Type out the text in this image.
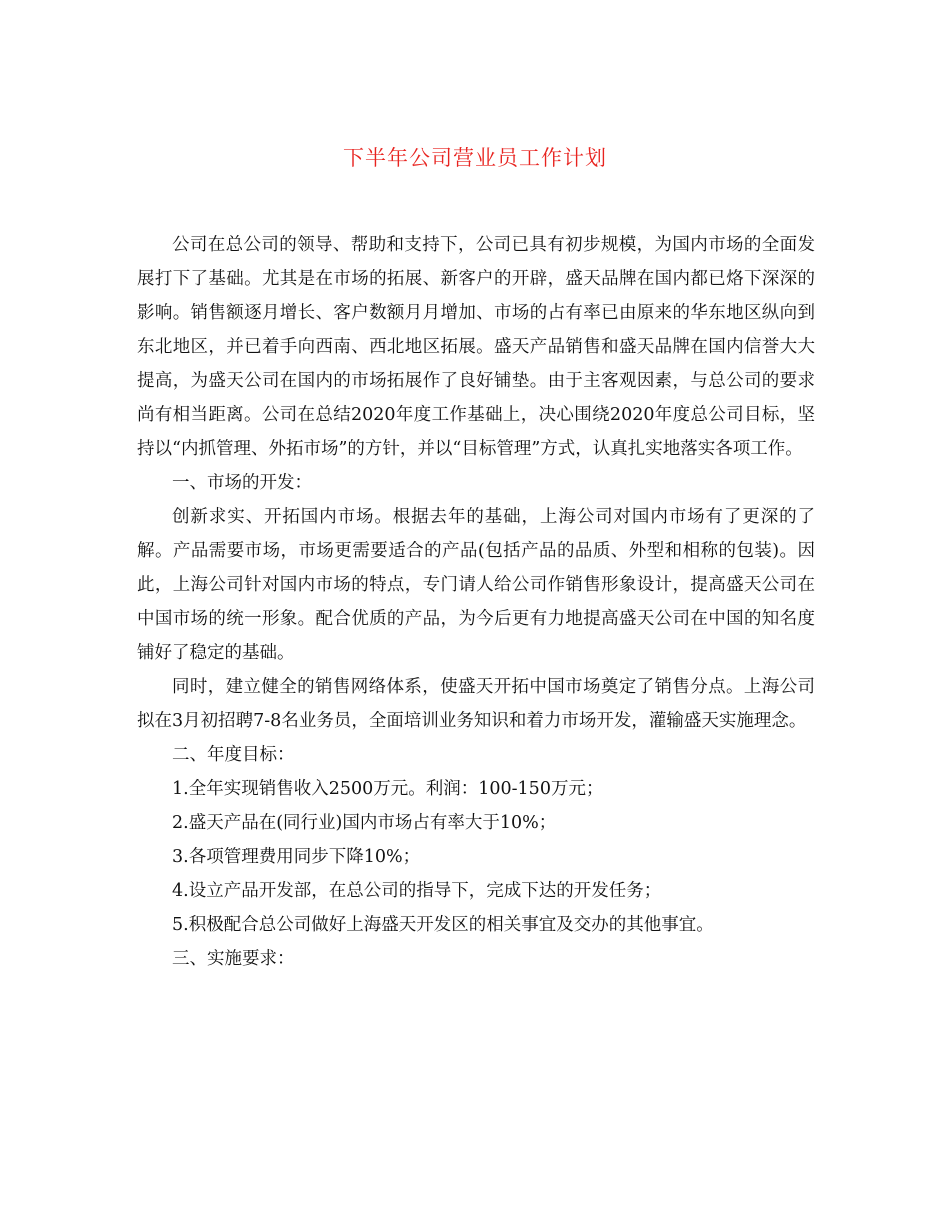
下半年公司营业员工作计划

公司在总公司的领导、帮助和支持下，公司已具有初步规模，为国内市场的全面发展打下了基础。尤其是在市场的拓展、新客户的开辟，盛天品牌在国内都已烙下深深的影响。销售额逐月增长、客户数额月月增加、市场的占有率已由原来的华东地区纵向到东北地区，并已着手向西南、西北地区拓展。盛天产品销售和盛天品牌在国内信誉大大提高，为盛天公司在国内的市场拓展作了良好铺垫。由于主客观因素，与总公司的要求尚有相当距离。公司在总结2020年度工作基础上，决心围绕2020年度总公司目标，坚持以“内抓管理、外拓市场”的方针，并以“目标管理”方式，认真扎实地落实各项工作。

一、市场的开发：

创新求实、开拓国内市场。根据去年的基础，上海公司对国内市场有了更深的了解。产品需要市场，市场更需要适合的产品(包括产品的品质、外型和相称的包装)。因此，上海公司针对国内市场的特点，专门请人给公司作销售形象设计，提高盛天公司在中国市场的统一形象。配合优质的产品，为今后更有力地提高盛天公司在中国的知名度铺好了稳定的基础。

同时，建立健全的销售网络体系，使盛天开拓中国市场奠定了销售分点。上海公司拟在3月初招聘7-8名业务员，全面培训业务知识和着力市场开发，灌输盛天实施理念。

二、年度目标：

1.全年实现销售收入2500万元。利润：100-150万元；

2.盛天产品在(同行业)国内市场占有率大于10%；

3.各项管理费用同步下降10%；

4.设立产品开发部，在总公司的指导下，完成下达的开发任务；

5.积极配合总公司做好上海盛天开发区的相关事宜及交办的其他事宜。

三、实施要求：
